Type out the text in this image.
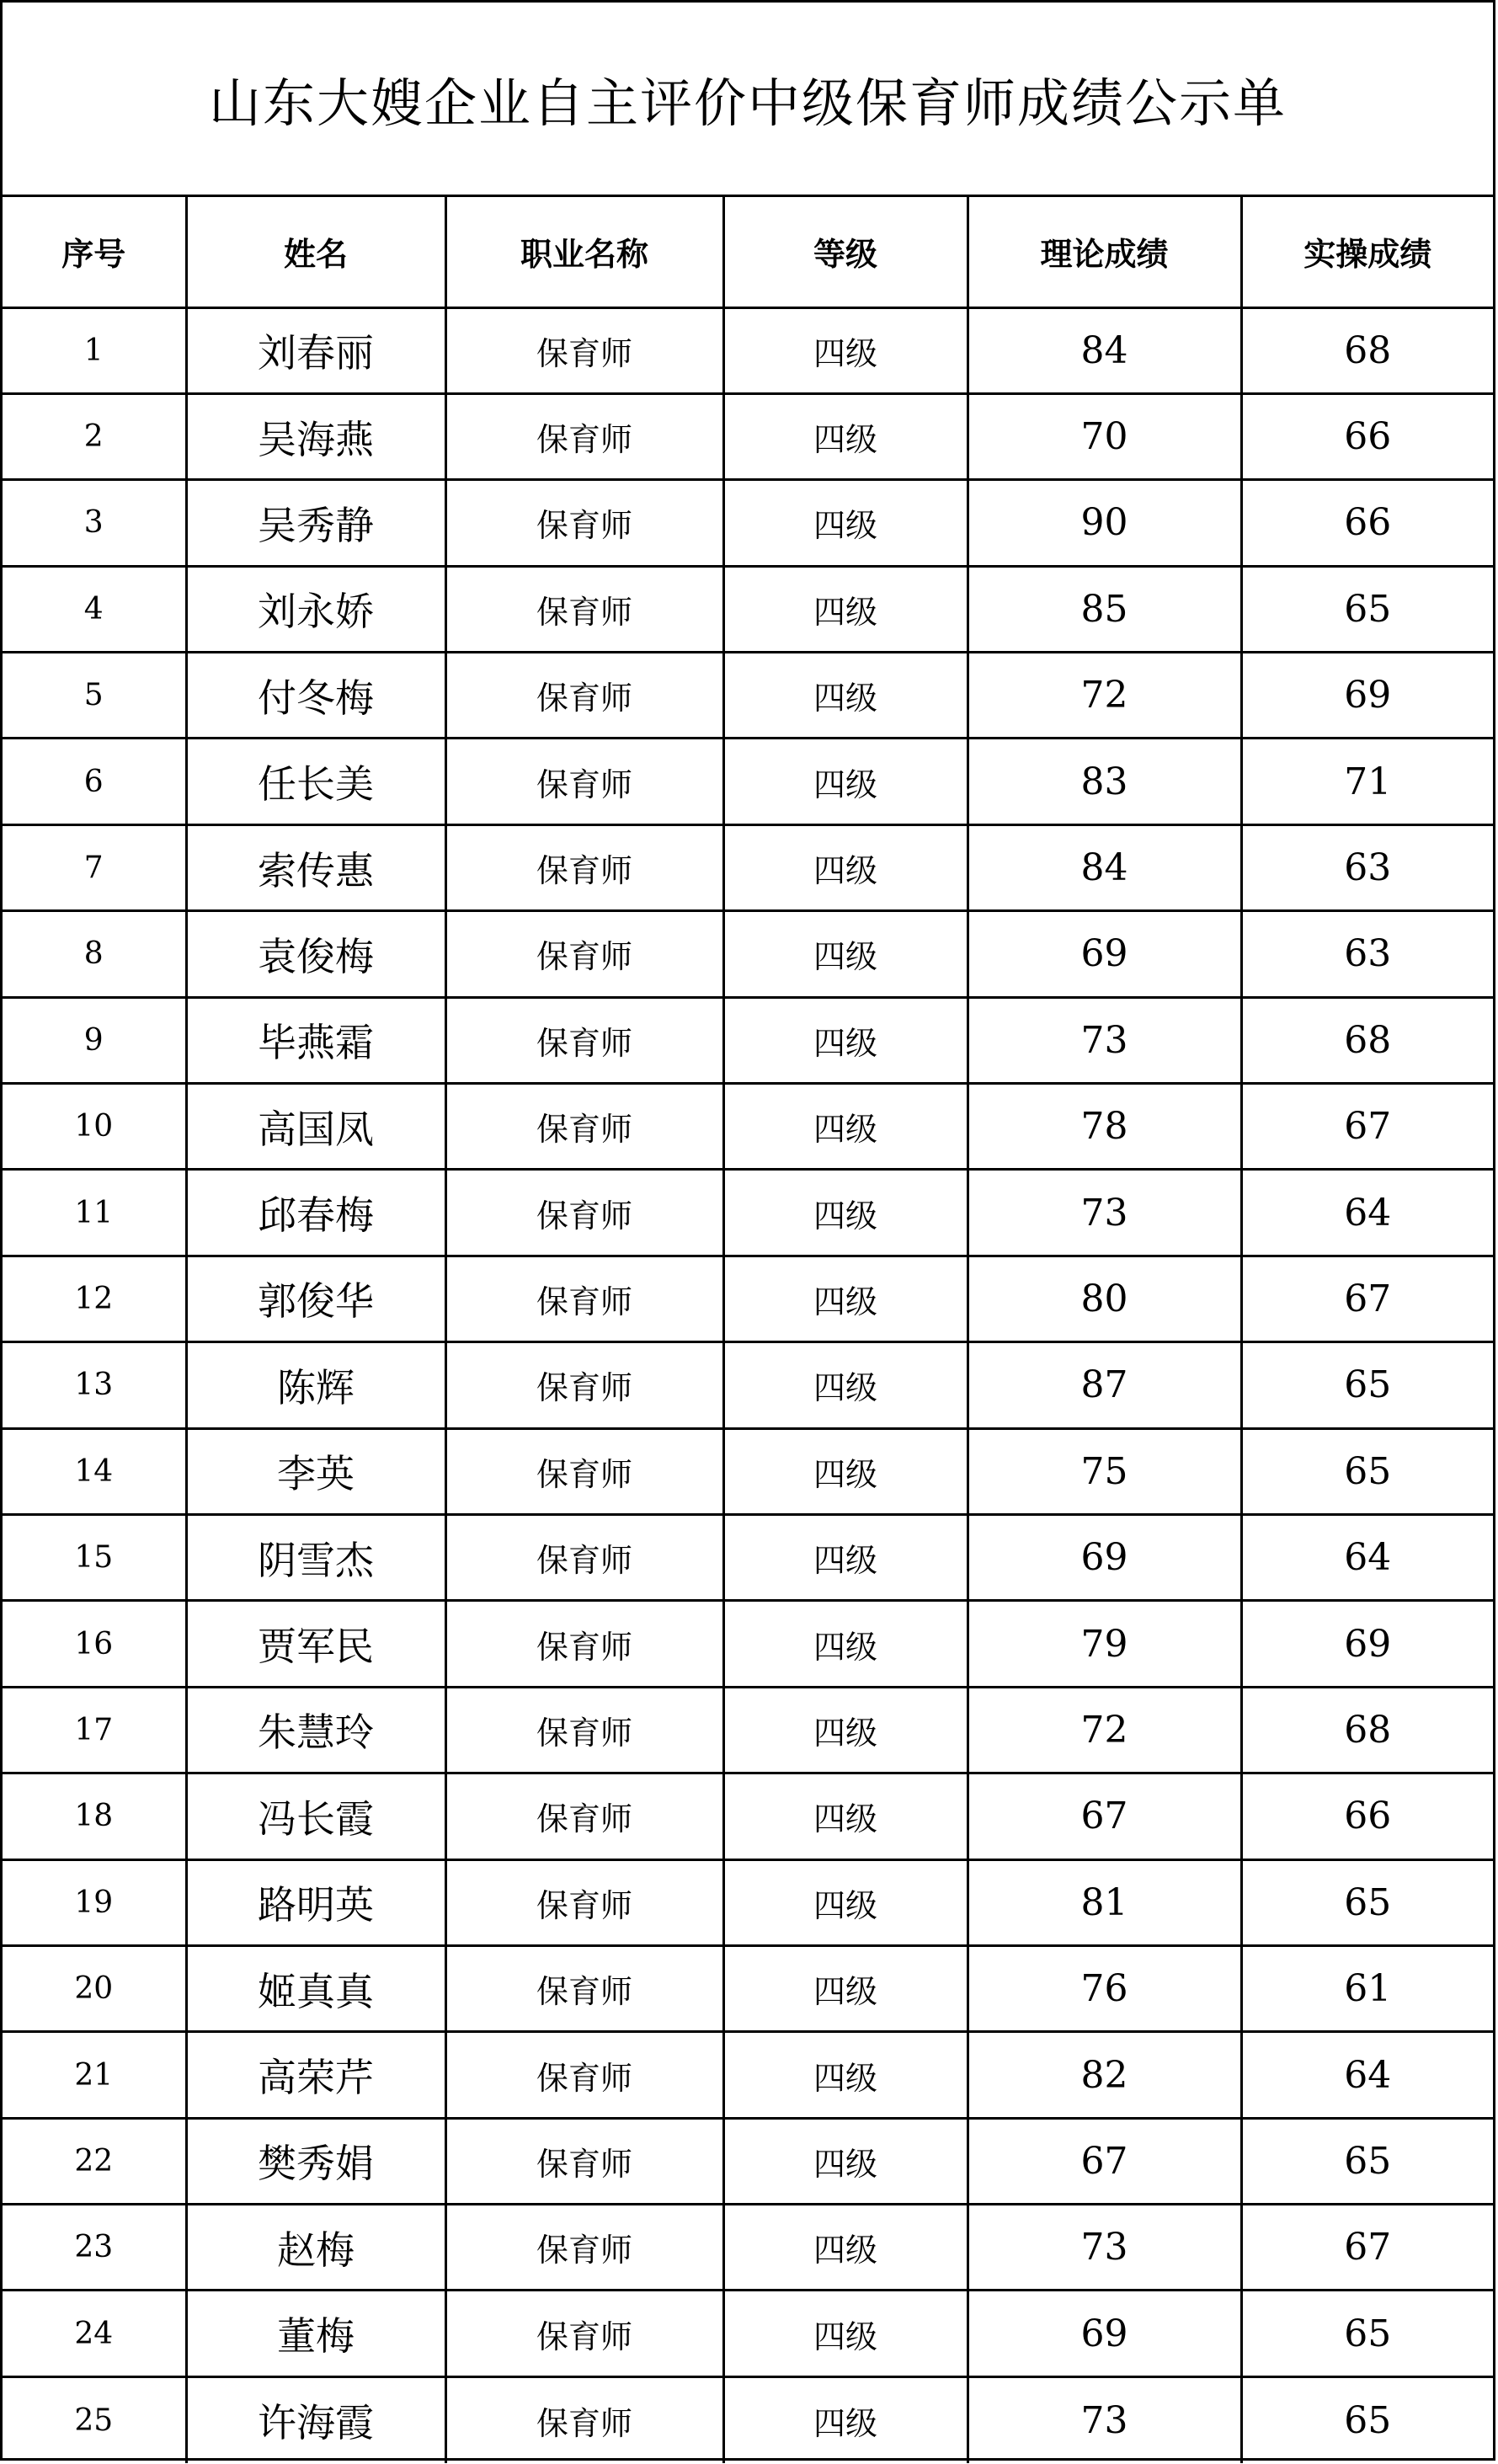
山东大嫂企业自主评价中级保育师成绩公示单
序号	姓名	职业名称	等级	理论成绩	实操成绩
1	刘春丽	保育师	四级	84	68
2	吴海燕	保育师	四级	70	66
3	吴秀静	保育师	四级	90	66
4	刘永娇	保育师	四级	85	65
5	付冬梅	保育师	四级	72	69
6	任长美	保育师	四级	83	71
7	索传惠	保育师	四级	84	63
8	袁俊梅	保育师	四级	69	63
9	毕燕霜	保育师	四级	73	68
10	高国凤	保育师	四级	78	67
11	邱春梅	保育师	四级	73	64
12	郭俊华	保育师	四级	80	67
13	陈辉	保育师	四级	87	65
14	李英	保育师	四级	75	65
15	阴雪杰	保育师	四级	69	64
16	贾军民	保育师	四级	79	69
17	朱慧玲	保育师	四级	72	68
18	冯长霞	保育师	四级	67	66
19	路明英	保育师	四级	81	65
20	姬真真	保育师	四级	76	61
21	高荣芹	保育师	四级	82	64
22	樊秀娟	保育师	四级	67	65
23	赵梅	保育师	四级	73	67
24	董梅	保育师	四级	69	65
25	许海霞	保育师	四级	73	65
